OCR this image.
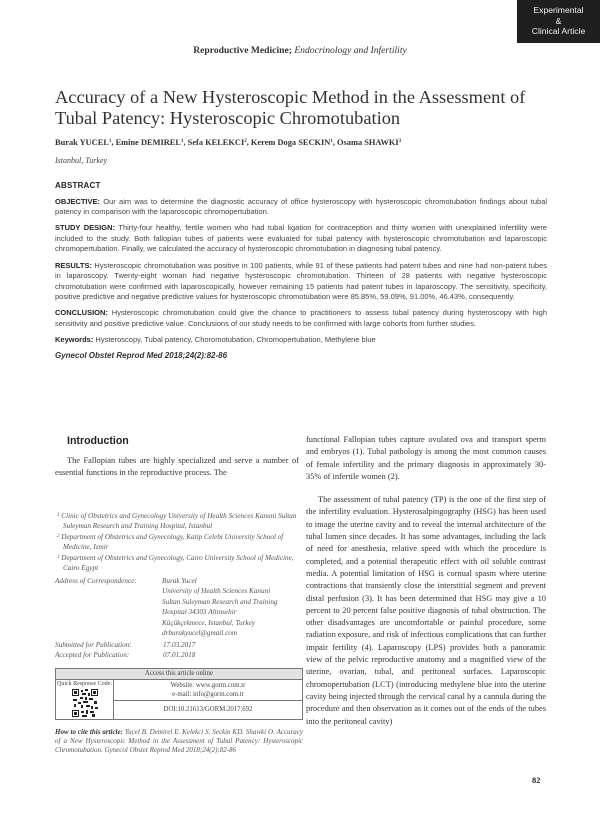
Experimental
&
Clinical Article
Reproductive Medicine; Endocrinology and Infertility
Accuracy of a New Hysteroscopic Method in the Assessment of Tubal Patency: Hysteroscopic Chromotubation
Burak YUCEL$^1$, Emine DEMIREL$^1$, Sefa KELEKCI$^2$, Kerem Doga SECKIN$^1$, Osama SHAWKI$^3$
Istanbul, Turkey
ABSTRACT

OBJECTIVE: Our aim was to determine the diagnostic accuracy of office hysteroscopy with hysteroscopic chromotubation findings about tubal patency in comparison with the laparoscopic chromopertubation.

STUDY DESIGN: Thirty-four healthy, fertile women who had tubal ligation for contraception and thirty women with unexplained infertility were included to the study. Both fallopian tubes of patients were evaluated for tubal patency with hysteroscopic chromotubation and laparoscopic chromopertubation. Finally, we calculated the accuracy of hysteroscopic chromotubation in diagnosing tubal patency.

RESULTS: Hysteroscopic chromotubation was positive in 100 patients, while 91 of these patients had patent tubes and nine had non-patent tubes in laparoscopy. Twenty-eight woman had negative hysteroscopic chromotubation. Thirteen of 28 patients with negative hysteroscopic chromotubation were confirmed with laparoscopically, however remaining 15 patients had patent tubes in laparoscopy. The sensitivity, specificity, positive predictive and negative predictive values for hysteroscopic chromotubation were 85.85%, 59.09%, 91.00%, 46.43%, consequently.

CONCLUSION: Hysteroscopic chromotubation could give the chance to practitioners to assess tubal patency during hysteroscopy with high sensitivity and positive predictive value. Conclusions of our study needs to be confirmed with large cohorts from further studies.

Keywords: Hysteroscopy, Tubal patency, Choromotubation, Chromopertubation, Methylene blue

Gynecol Obstet Reprod Med 2018;24(2):82-86
Introduction

The Fallopian tubes are highly specialized and serve a number of essential functions in the reproductive process. The

$^1$ Clinic of Obstetrics and Gynecology University of Health Sciences Kanuni Sultan Suleyman Research and Training Hospital, Istanbul
$^2$ Department of Obstetrics and Gynecology, Katip Celebi University School of Medicine, Izmir
$^3$ Department of Obstetrics and Gynecology, Cairo University School of Medicine, Cairo Egypt
Address of Correspondence:	Burak Yucel
University of Health Sciences Kanuni
Sultan Suleyman Research and Training
Hospital 34303 Altınsehir
Küçükçekmece, Istanbul, Turkey
drburakyucel@gmail.com
Submitted for Publication:	17.03.2017
Accepted for Publication:	07.01.2018
Access this article online
Quick Response Code:	Website: www.gorm.com.tr
e-mail: info@gorm.com.tr
DOI:10.21613/GORM.2017.692
How to cite this article: Yucel B. Demirel E. Kelekci S. Seckin KD. Shawki O. Accuracy of a New Hysteroscopic Method in the Assessment of Tubal Patency: Hysteroscopic Chromotubation. Gynecol Obstet Reprod Med 2018;24(2):82-86

functional Fallopian tubes capture ovulated ova and transport sperm and embryos (1). Tubal pathology is among the most common causes of female infertility and the primary diagnosis in approximately 30-35% of infertile women (2).

The assessment of tubal patency (TP) is the one of the first step of the infertility evaluation. Hysterosalpingography (HSG) has been used to image the uterine cavity and to reveal the internal architecture of the tubal lumen since decades. It has some advantages, including the lack of need for anesthesia, relative speed with which the procedure is completed, and a potential therapeutic effect with oil soluble contrast media. A potential limitation of HSG is cornual spasm where uterine contractions that transiently close the interstitial segment and prevent distal perfusion (3). It has been determined that HSG may give a 10 percent to 20 percent false positive diagnosis of tubal obstruction. The other disadvantages are uncomfortable or painful procedure, some radiation exposure, and risk of infectious complications that can further impair fertility (4). Laparoscopy (LPS) provides both a panoramic view of the pelvic reproductive anatomy and a magnified view of the uterine, ovarian, tubal, and peritoneal surfaces. Laparoscopic chromopertubation (LCT) (introducing methylene blue into the uterine cavity being injected through the cervical canal by a cannula during the procedure and then observation as it comes out of the ends of the tubes into the peritoneal cavity)

82
